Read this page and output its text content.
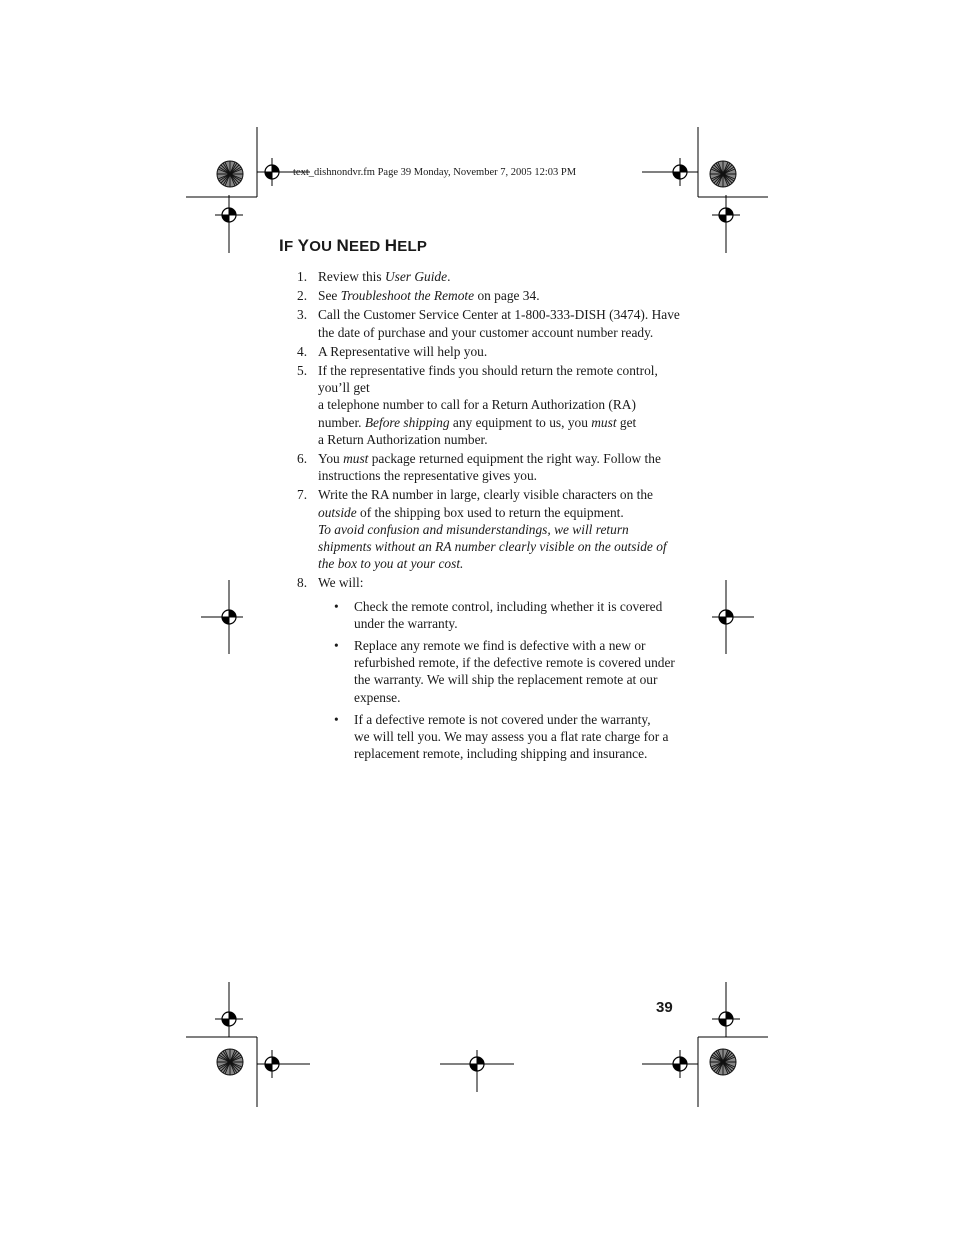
text_dishnondvr.fm Page 39 Monday, November 7, 2005 12:03 PM
IF YOU NEED HELP
1. Review this User Guide.
2. See Troubleshoot the Remote on page 34.
3. Call the Customer Service Center at 1-800-333-DISH (3474). Have the date of purchase and your customer account number ready.
4. A Representative will help you.
5. If the representative finds you should return the remote control, you’ll get
a telephone number to call for a Return Authorization (RA) number. Before shipping any equipment to us, you must get
a Return Authorization number.
6. You must package returned equipment the right way. Follow the instructions the representative gives you.
7. Write the RA number in large, clearly visible characters on the outside of the shipping box used to return the equipment.
To avoid confusion and misunderstandings, we will return shipments without an RA number clearly visible on the outside of the box to you at your cost.
8. We will:
• Check the remote control, including whether it is covered under the warranty.
• Replace any remote we find is defective with a new or refurbished remote, if the defective remote is covered under the warranty. We will ship the replacement remote at our expense.
• If a defective remote is not covered under the warranty,
we will tell you. We may assess you a flat rate charge for a replacement remote, including shipping and insurance.
39
